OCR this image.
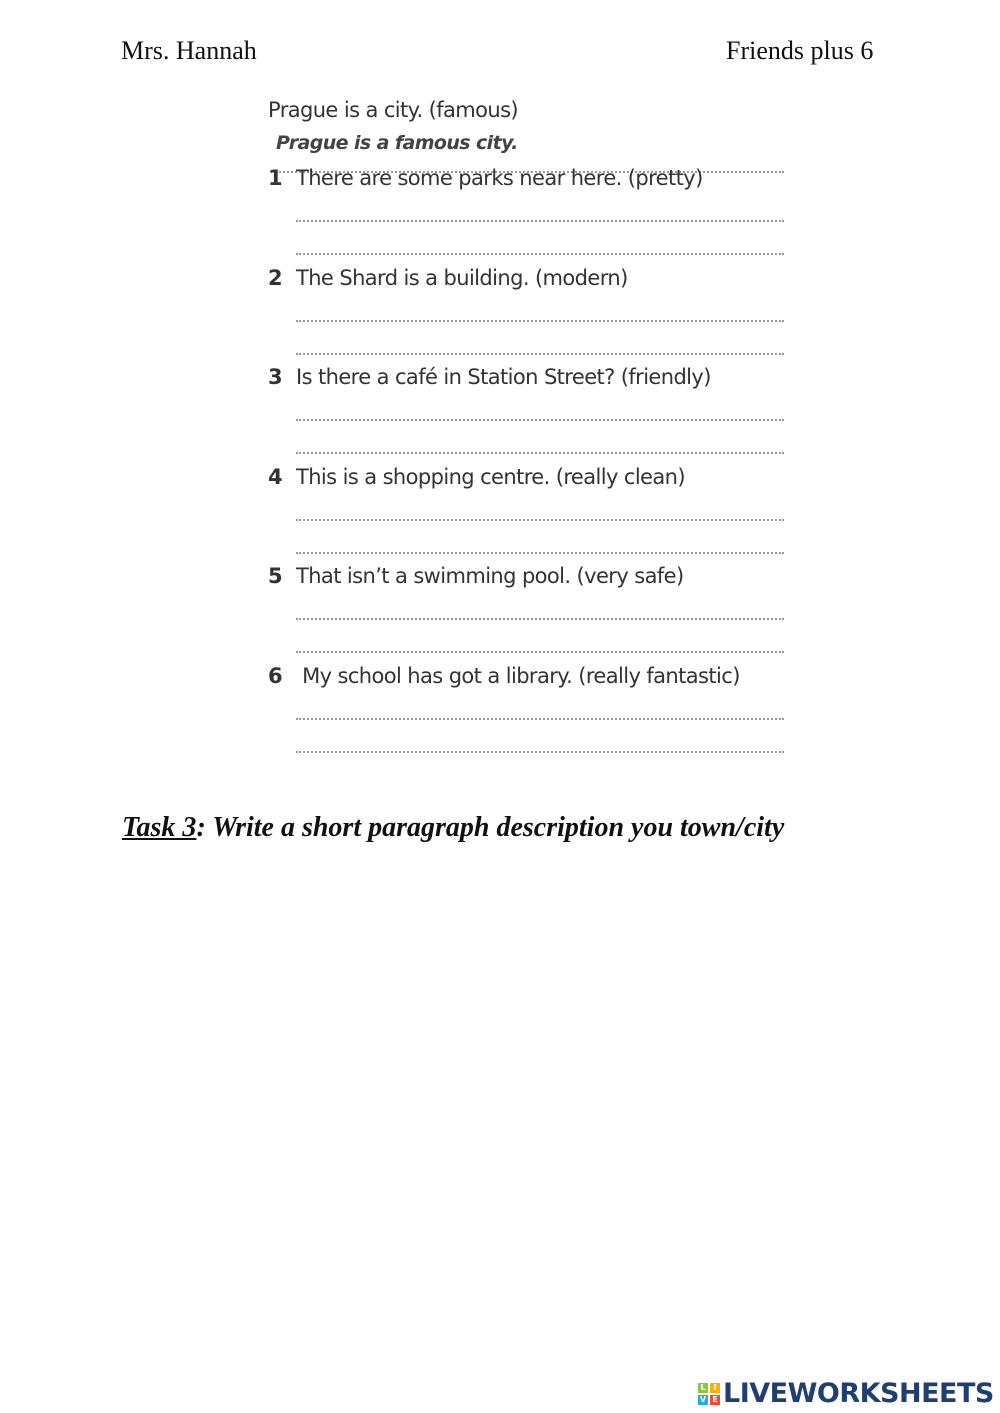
Mrs. Hannah	Friends plus 6
Prague is a city. (famous)
Prague is a famous city.
1 There are some parks near here. (pretty)
2 The Shard is a building. (modern)
3 Is there a café in Station Street? (friendly)
4 This is a shopping centre. (really clean)
5 That isn’t a swimming pool. (very safe)
6 My school has got a library. (really fantastic)
Task 3: Write a short paragraph description you town/city
L I
V E LIVEWORKSHEETS
